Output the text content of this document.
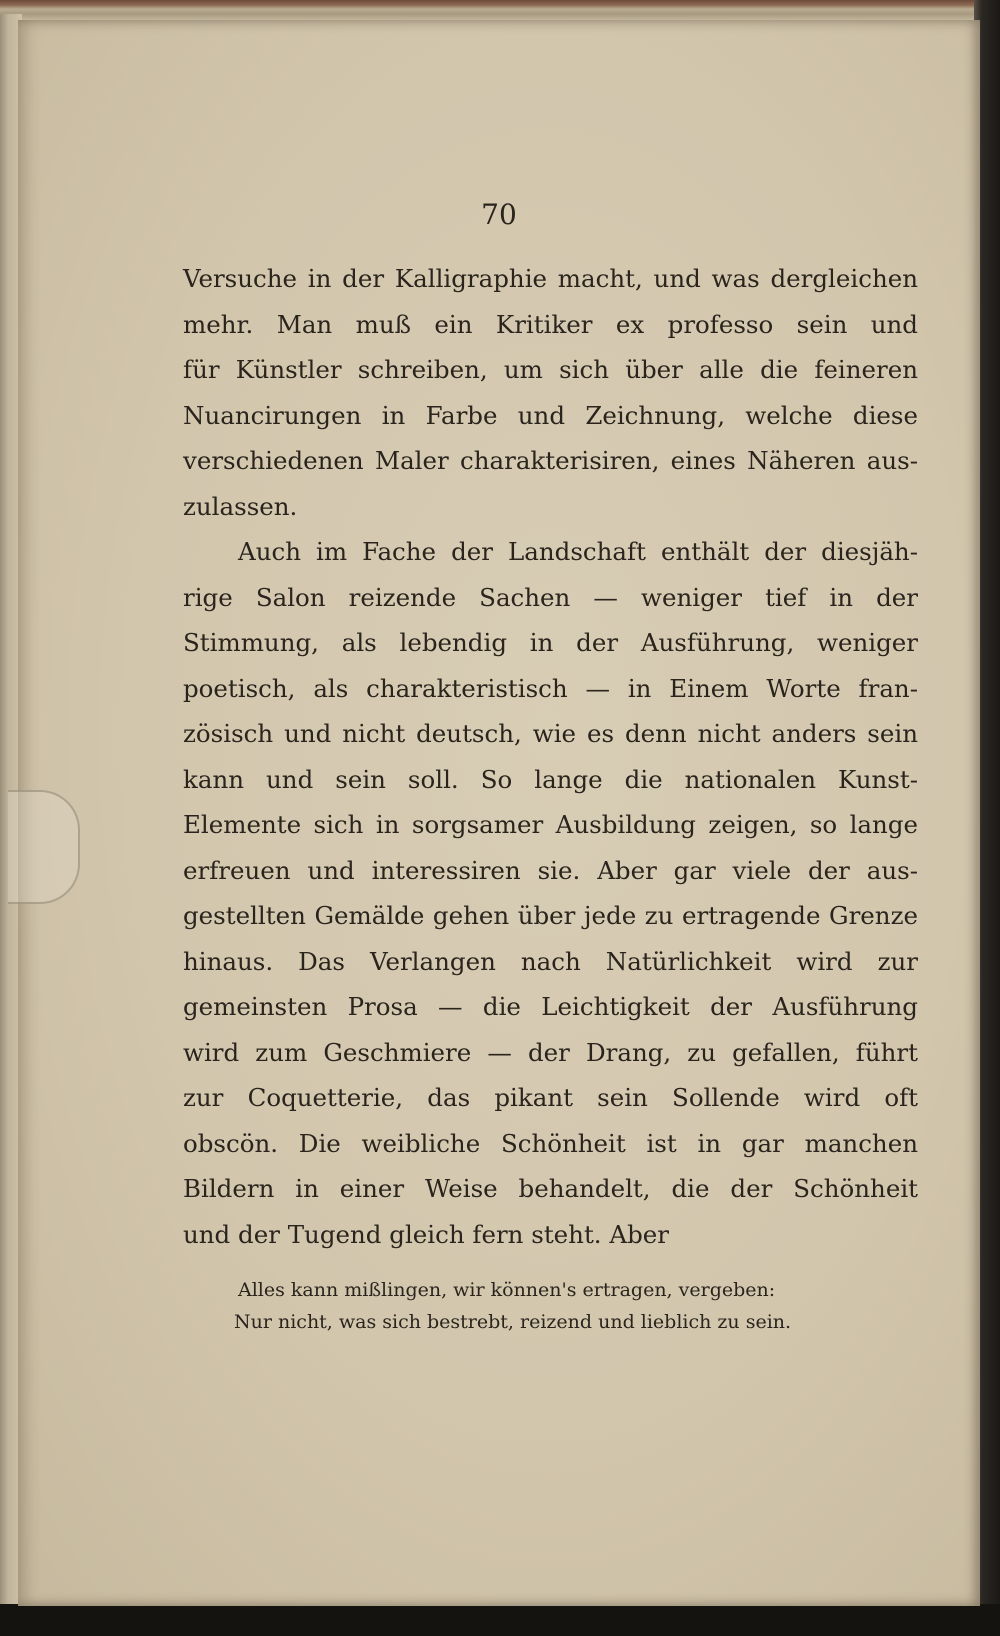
70
Versuche in der Kalligraphie macht, und was dergleichen
mehr. Man muß ein Kritiker ex professo sein und
für Künstler schreiben, um sich über alle die feineren
Nuancirungen in Farbe und Zeichnung, welche diese
verschiedenen Maler charakterisiren, eines Näheren aus-
zulassen.
Auch im Fache der Landschaft enthält der diesjäh-
rige Salon reizende Sachen — weniger tief in der
Stimmung, als lebendig in der Ausführung, weniger
poetisch, als charakteristisch — in Einem Worte fran-
zösisch und nicht deutsch, wie es denn nicht anders sein
kann und sein soll. So lange die nationalen Kunst-
Elemente sich in sorgsamer Ausbildung zeigen, so lange
erfreuen und interessiren sie. Aber gar viele der aus-
gestellten Gemälde gehen über jede zu ertragende Grenze
hinaus. Das Verlangen nach Natürlichkeit wird zur
gemeinsten Prosa — die Leichtigkeit der Ausführung
wird zum Geschmiere — der Drang, zu gefallen, führt
zur Coquetterie, das pikant sein Sollende wird oft
obscön. Die weibliche Schönheit ist in gar manchen
Bildern in einer Weise behandelt, die der Schönheit
und der Tugend gleich fern steht. Aber
Alles kann mißlingen, wir können's ertragen, vergeben:
Nur nicht, was sich bestrebt, reizend und lieblich zu sein.
